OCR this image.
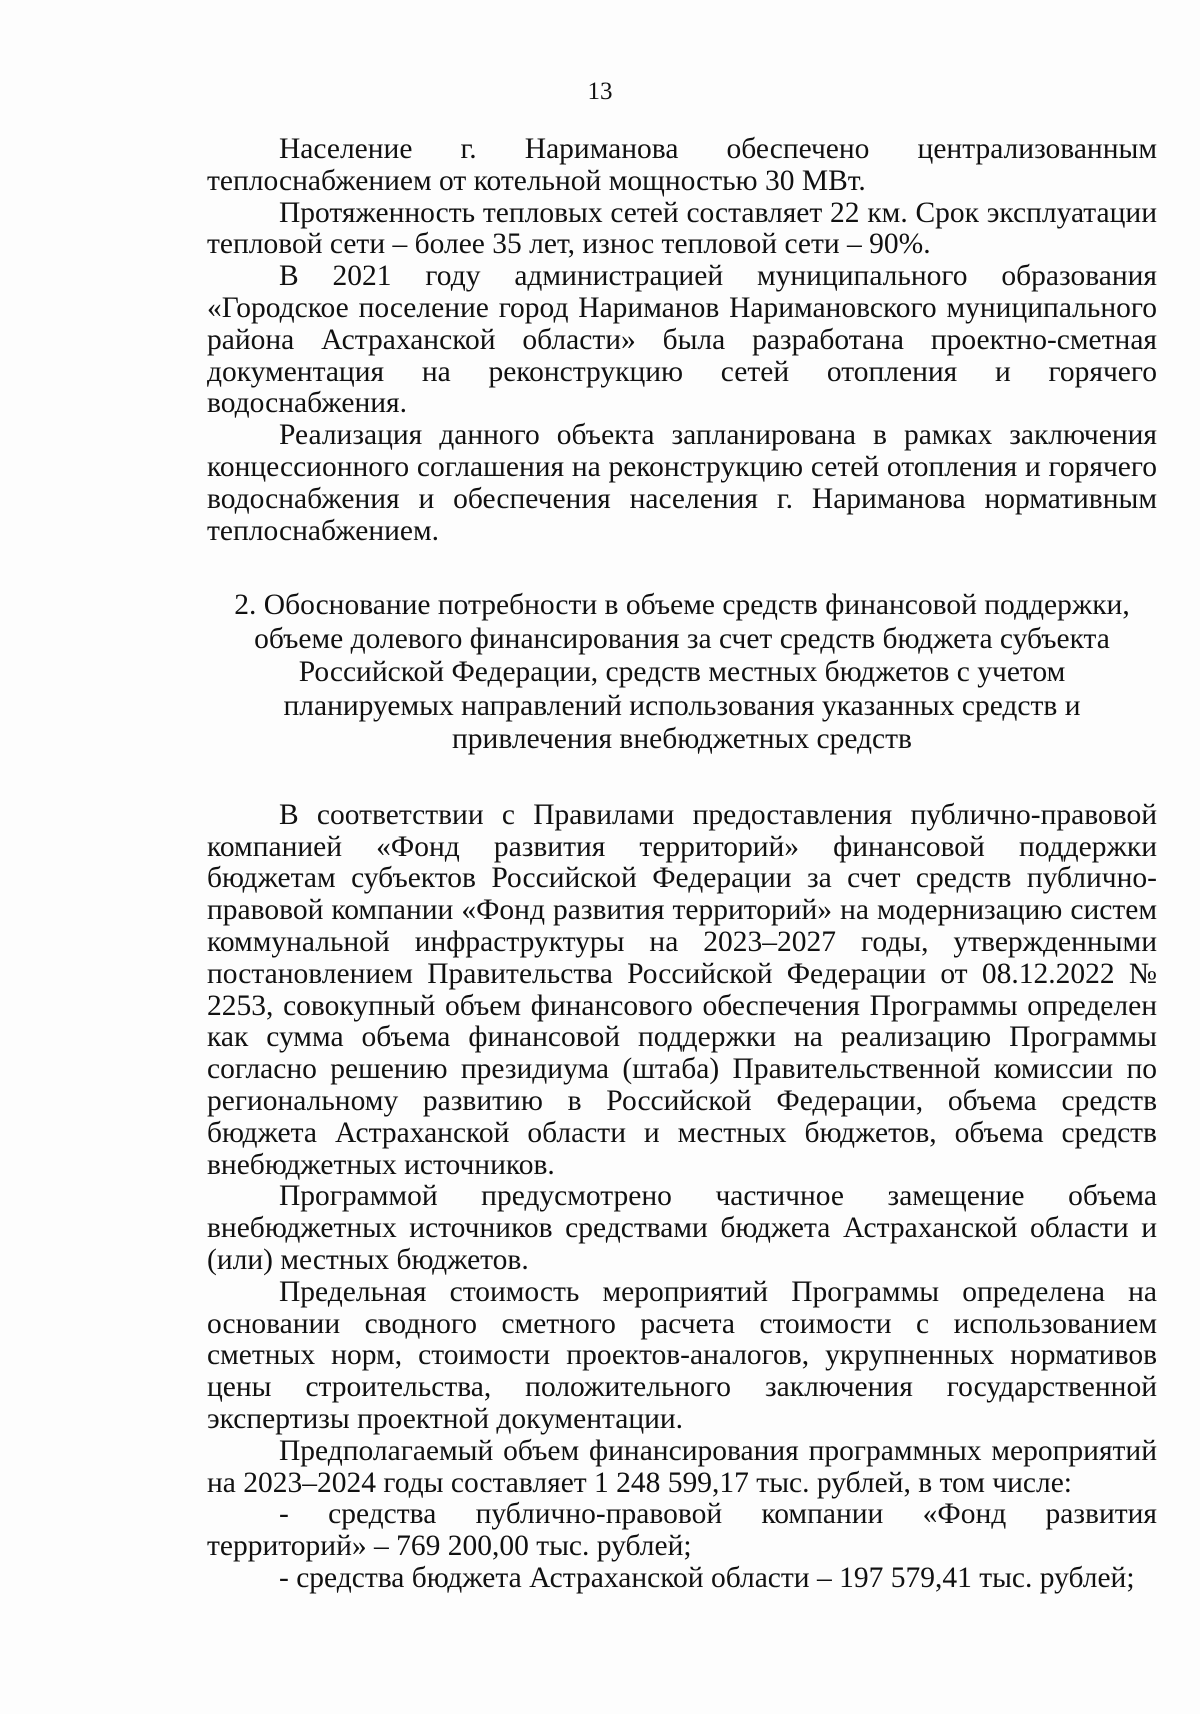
13

Население г. Нариманова обеспечено централизованным теплоснабжением от котельной мощностью 30 МВт.

Протяженность тепловых сетей составляет 22 км. Срок эксплуатации тепловой сети – более 35 лет, износ тепловой сети – 90%.

В 2021 году администрацией муниципального образования «Городское поселение город Нариманов Наримановского муниципального района Астраханской области» была разработана проектно-сметная документация на реконструкцию сетей отопления и горячего водоснабжения.

Реализация данного объекта запланирована в рамках заключения концессионного соглашения на реконструкцию сетей отопления и горячего водоснабжения и обеспечения населения г. Нариманова нормативным теплоснабжением.

2. Обоснование потребности в объеме средств финансовой поддержки,
объеме долевого финансирования за счет средств бюджета субъекта
Российской Федерации, средств местных бюджетов с учетом
планируемых направлений использования указанных средств и
привлечения внебюджетных средств

В соответствии с Правилами предоставления публично-правовой компанией «Фонд развития территорий» финансовой поддержки бюджетам субъектов Российской Федерации за счет средств публично-правовой компании «Фонд развития территорий» на модернизацию систем коммунальной инфраструктуры на 2023–2027 годы, утвержденными постановлением Правительства Российской Федерации от 08.12.2022 № 2253, совокупный объем финансового обеспечения Программы определен как сумма объема финансовой поддержки на реализацию Программы согласно решению президиума (штаба) Правительственной комиссии по региональному развитию в Российской Федерации, объема средств бюджета Астраханской области и местных бюджетов, объема средств внебюджетных источников.

Программой предусмотрено частичное замещение объема внебюджетных источников средствами бюджета Астраханской области и (или) местных бюджетов.

Предельная стоимость мероприятий Программы определена на основании сводного сметного расчета стоимости с использованием сметных норм, стоимости проектов-аналогов, укрупненных нормативов цены строительства, положительного заключения государственной экспертизы проектной документации.

Предполагаемый объем финансирования программных мероприятий на 2023–2024 годы составляет 1 248 599,17 тыс. рублей, в том числе:

- средства публично-правовой компании «Фонд развития территорий» – 769 200,00 тыс. рублей;

- средства бюджета Астраханской области – 197 579,41 тыс. рублей;
